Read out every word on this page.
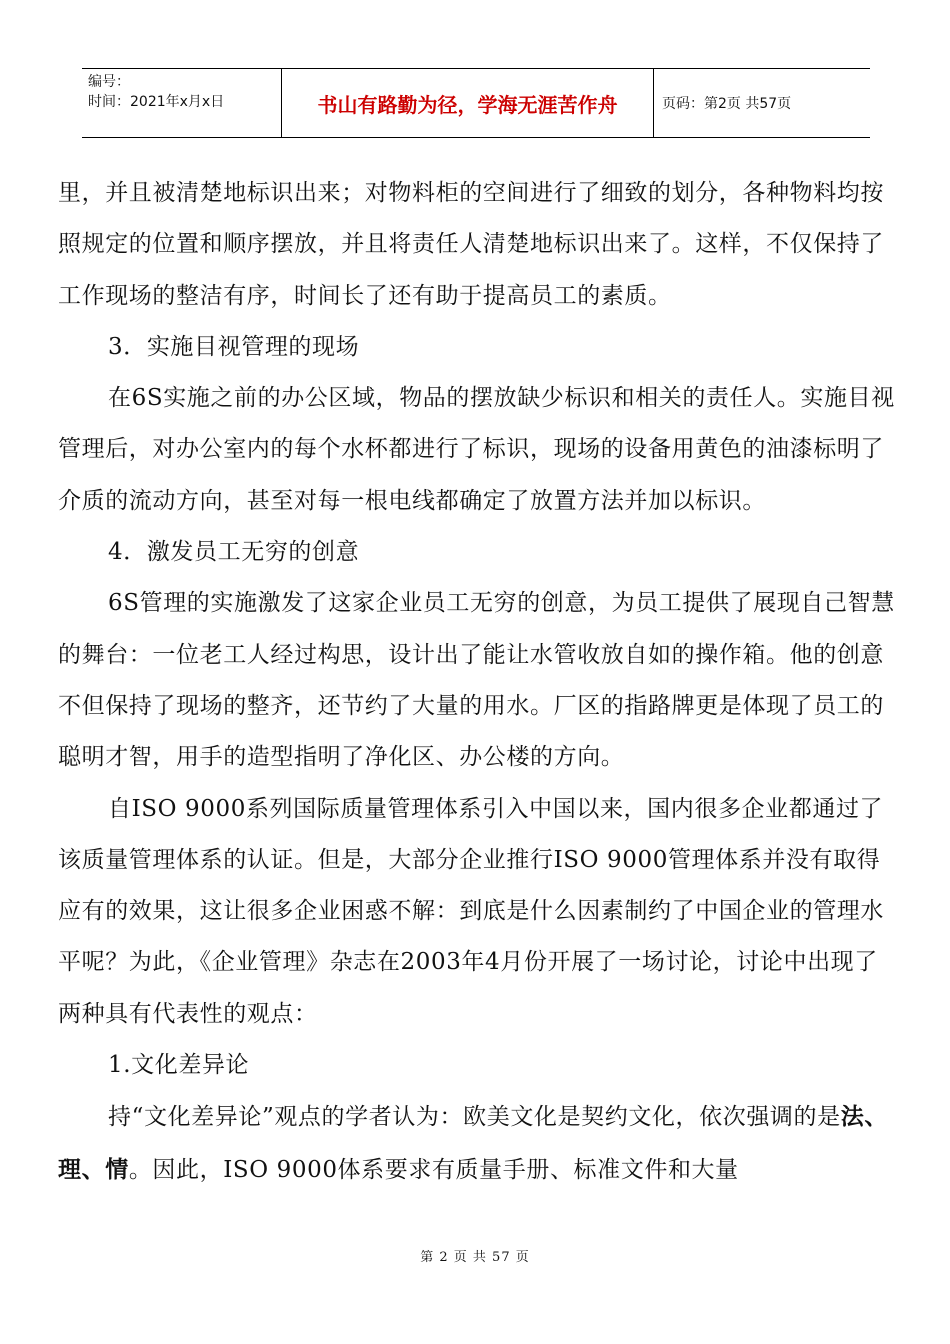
编号：
时间：2021年x月x日	书山有路勤为径，学海无涯苦作舟	页码：第2页 共57页

里，并且被清楚地标识出来；对物料柜的空间进行了细致的划分，各种物料均按照规定的位置和顺序摆放，并且将责任人清楚地标识出来了。这样，不仅保持了工作现场的整洁有序，时间长了还有助于提高员工的素质。

3．实施目视管理的现场

在6S实施之前的办公区域，物品的摆放缺少标识和相关的责任人。实施目视管理后，对办公室内的每个水杯都进行了标识，现场的设备用黄色的油漆标明了介质的流动方向，甚至对每一根电线都确定了放置方法并加以标识。

4．激发员工无穷的创意

6S管理的实施激发了这家企业员工无穷的创意，为员工提供了展现自己智慧的舞台：一位老工人经过构思，设计出了能让水管收放自如的操作箱。他的创意不但保持了现场的整齐，还节约了大量的用水。厂区的指路牌更是体现了员工的聪明才智，用手的造型指明了净化区、办公楼的方向。

自ISO 9000系列国际质量管理体系引入中国以来，国内很多企业都通过了该质量管理体系的认证。但是，大部分企业推行ISO 9000管理体系并没有取得应有的效果，这让很多企业困惑不解：到底是什么因素制约了中国企业的管理水平呢？为此，《企业管理》杂志在2003年4月份开展了一场讨论，讨论中出现了两种具有代表性的观点：

1.文化差异论

持“文化差异论”观点的学者认为：欧美文化是契约文化，依次强调的是法、理、情。因此，ISO 9000体系要求有质量手册、标准文件和大量

第 2 页 共 57 页
